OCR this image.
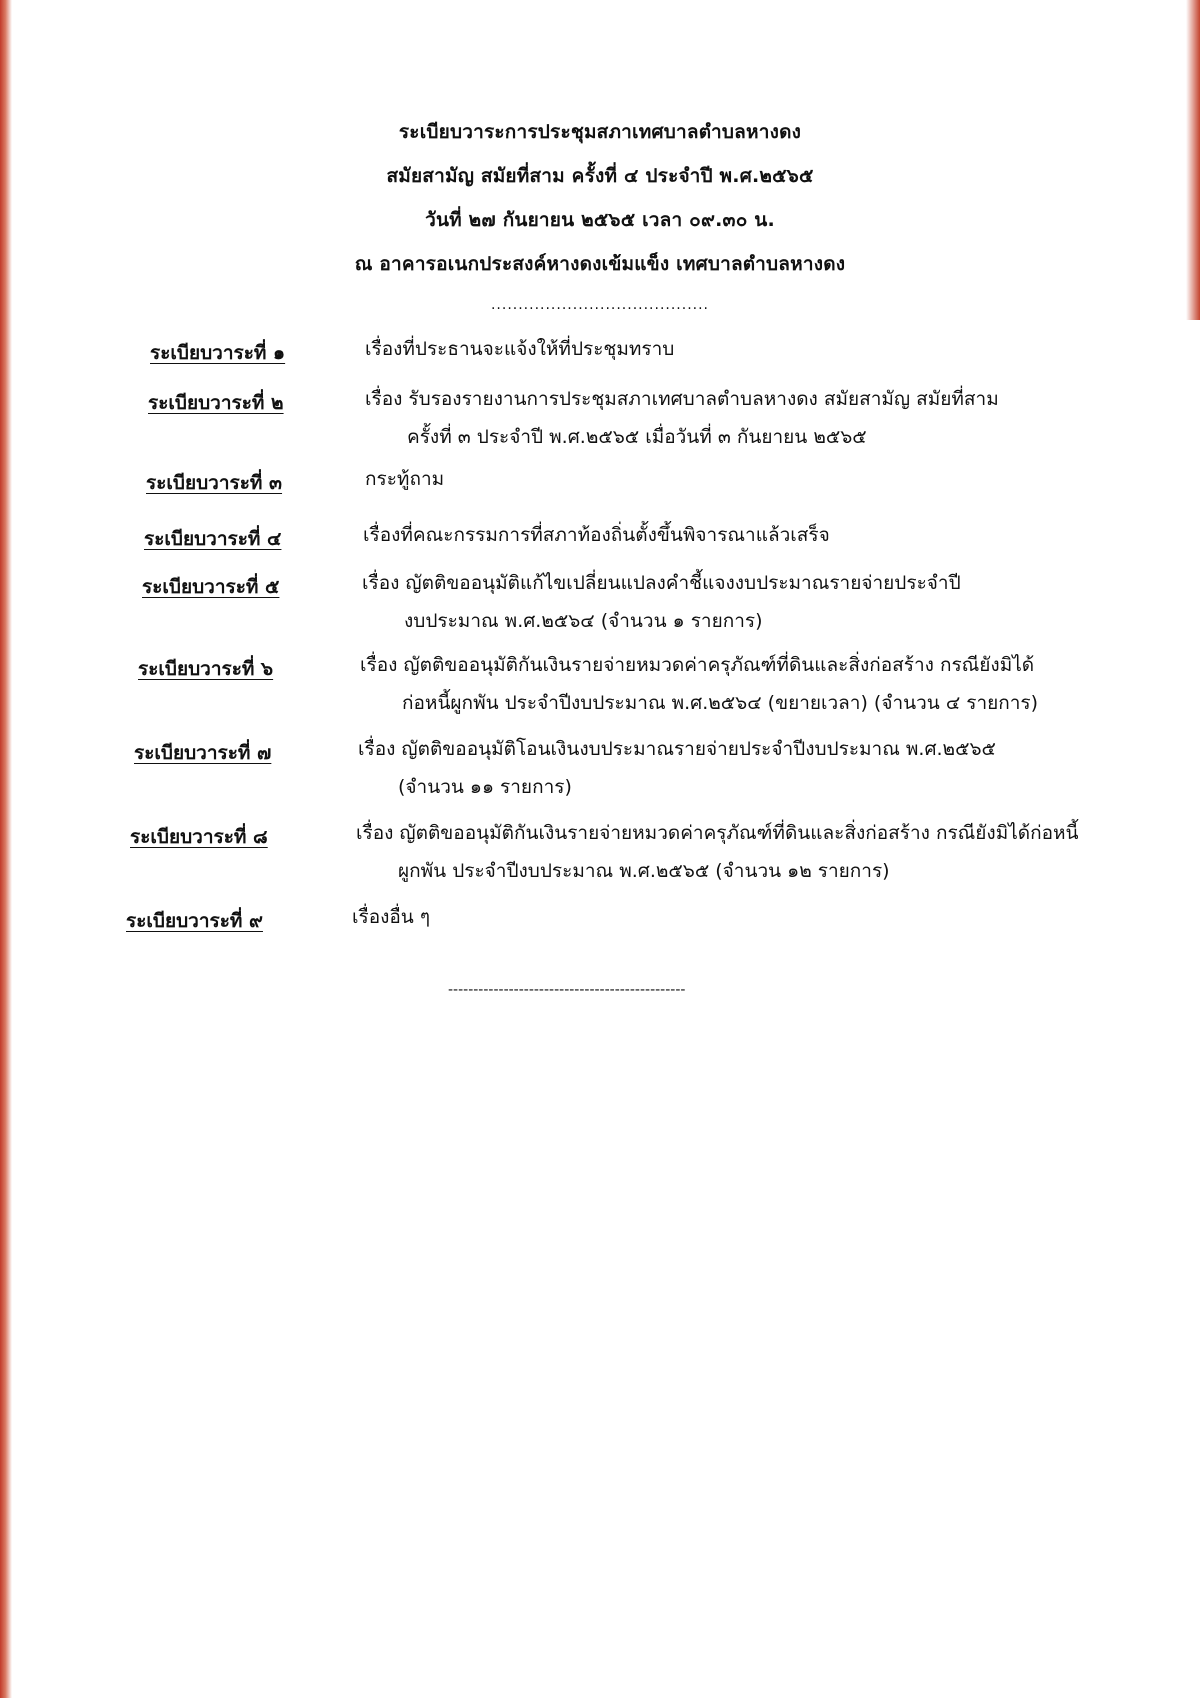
ระเบียบวาระการประชุมสภาเทศบาลตำบลหางดง
สมัยสามัญ สมัยที่สาม ครั้งที่ ๔ ประจำปี พ.ศ.๒๕๖๕
วันที่ ๒๗ กันยายน ๒๕๖๕ เวลา ๐๙.๓๐ น.
ณ อาคารอเนกประสงค์หางดงเข้มแข็ง เทศบาลตำบลหางดง
........................................
ระเบียบวาระที่ ๑	เรื่องที่ประธานจะแจ้งให้ที่ประชุมทราบ
ระเบียบวาระที่ ๒	เรื่อง รับรองรายงานการประชุมสภาเทศบาลตำบลหางดง สมัยสามัญ สมัยที่สาม
ครั้งที่ ๓ ประจำปี พ.ศ.๒๕๖๕ เมื่อวันที่ ๓ กันยายน ๒๕๖๕
ระเบียบวาระที่ ๓	กระทู้ถาม
ระเบียบวาระที่ ๔	เรื่องที่คณะกรรมการที่สภาท้องถิ่นตั้งขึ้นพิจารณาแล้วเสร็จ
ระเบียบวาระที่ ๕	เรื่อง ญัตติขออนุมัติแก้ไขเปลี่ยนแปลงคำชี้แจงงบประมาณรายจ่ายประจำปี
งบประมาณ พ.ศ.๒๕๖๔ (จำนวน ๑ รายการ)
ระเบียบวาระที่ ๖	เรื่อง ญัตติขออนุมัติกันเงินรายจ่ายหมวดค่าครุภัณฑ์ที่ดินและสิ่งก่อสร้าง กรณียังมิได้
ก่อหนี้ผูกพัน ประจำปีงบประมาณ พ.ศ.๒๕๖๔ (ขยายเวลา) (จำนวน ๔ รายการ)
ระเบียบวาระที่ ๗	เรื่อง ญัตติขออนุมัติโอนเงินงบประมาณรายจ่ายประจำปีงบประมาณ พ.ศ.๒๕๖๕
(จำนวน ๑๑ รายการ)
ระเบียบวาระที่ ๘	เรื่อง ญัตติขออนุมัติกันเงินรายจ่ายหมวดค่าครุภัณฑ์ที่ดินและสิ่งก่อสร้าง กรณียังมิได้ก่อหนี้
ผูกพัน ประจำปีงบประมาณ พ.ศ.๒๕๖๕ (จำนวน ๑๒ รายการ)
ระเบียบวาระที่ ๙	เรื่องอื่น ๆ
-----------------------------------------------
